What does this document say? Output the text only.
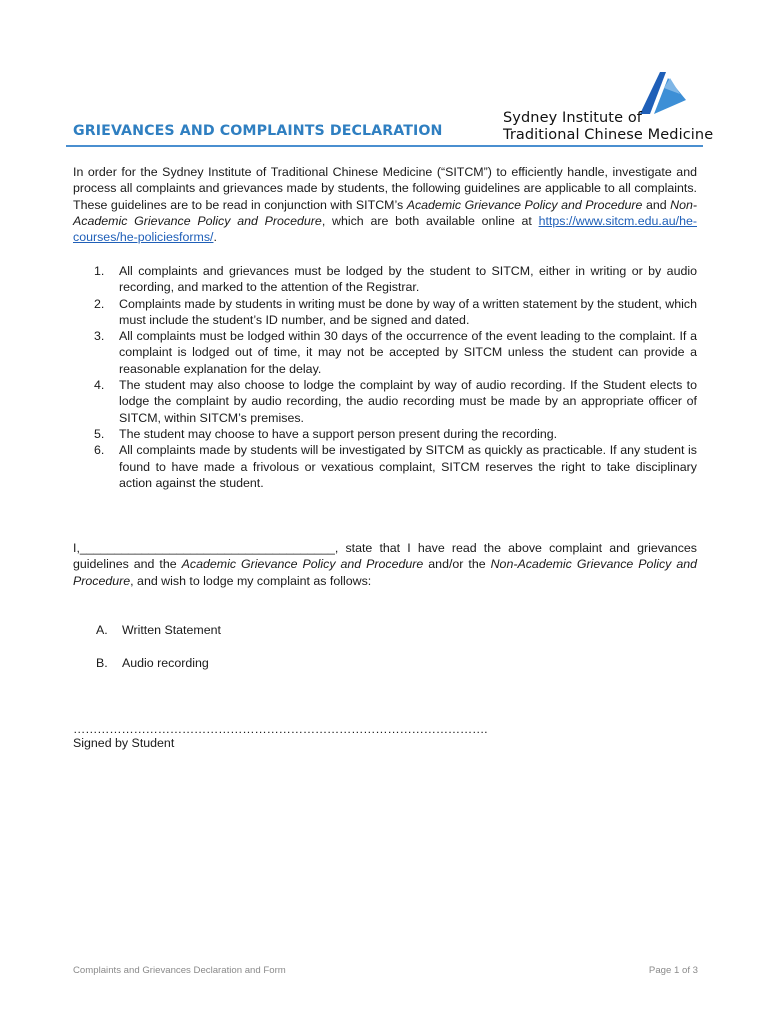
Sydney Institute of
Traditional Chinese Medicine
GRIEVANCES AND COMPLAINTS DECLARATION
In order for the Sydney Institute of Traditional Chinese Medicine (“SITCM”) to efficiently handle, investigate and process all complaints and grievances made by students, the following guidelines are applicable to all complaints. These guidelines are to be read in conjunction with SITCM’s Academic Grievance Policy and Procedure and Non-Academic Grievance Policy and Procedure, which are both available online at https://www.sitcm.edu.au/he-courses/he-policiesforms/.
1. All complaints and grievances must be lodged by the student to SITCM, either in writing or by audio recording, and marked to the attention of the Registrar.
2. Complaints made by students in writing must be done by way of a written statement by the student, which must include the student’s ID number, and be signed and dated.
3. All complaints must be lodged within 30 days of the occurrence of the event leading to the complaint. If a complaint is lodged out of time, it may not be accepted by SITCM unless the student can provide a reasonable explanation for the delay.
4. The student may also choose to lodge the complaint by way of audio recording. If the Student elects to lodge the complaint by audio recording, the audio recording must be made by an appropriate officer of SITCM, within SITCM’s premises.
5. The student may choose to have a support person present during the recording.
6. All complaints made by students will be investigated by SITCM as quickly as practicable. If any student is found to have made a frivolous or vexatious complaint, SITCM reserves the right to take disciplinary action against the student.
I,_____________________________________, state that I have read the above complaint and grievances guidelines and the Academic Grievance Policy and Procedure and/or the Non-Academic Grievance Policy and Procedure, and wish to lodge my complaint as follows:
A. Written Statement
B. Audio recording
………………………………………………………………………………………….
Signed by Student
Complaints and Grievances Declaration and Form	Page 1 of 3
